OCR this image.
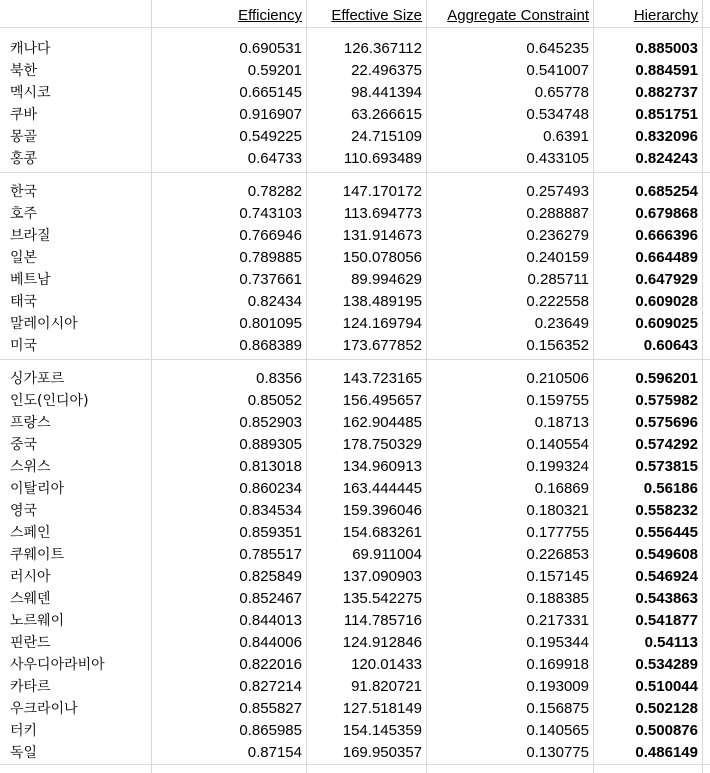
Efficiency	Effective Size	Aggregate Constraint	Hierarchy
캐나다	0.690531	126.367112	0.645235	0.885003
북한	0.59201	22.496375	0.541007	0.884591
멕시코	0.665145	98.441394	0.65778	0.882737
쿠바	0.916907	63.266615	0.534748	0.851751
몽골	0.549225	24.715109	0.6391	0.832096
홍콩	0.64733	110.693489	0.433105	0.824243
한국	0.78282	147.170172	0.257493	0.685254
호주	0.743103	113.694773	0.288887	0.679868
브라질	0.766946	131.914673	0.236279	0.666396
일본	0.789885	150.078056	0.240159	0.664489
베트남	0.737661	89.994629	0.285711	0.647929
태국	0.82434	138.489195	0.222558	0.609028
말레이시아	0.801095	124.169794	0.23649	0.609025
미국	0.868389	173.677852	0.156352	0.60643
싱가포르	0.8356	143.723165	0.210506	0.596201
인도(인디아)	0.85052	156.495657	0.159755	0.575982
프랑스	0.852903	162.904485	0.18713	0.575696
중국	0.889305	178.750329	0.140554	0.574292
스위스	0.813018	134.960913	0.199324	0.573815
이탈리아	0.860234	163.444445	0.16869	0.56186
영국	0.834534	159.396046	0.180321	0.558232
스페인	0.859351	154.683261	0.177755	0.556445
쿠웨이트	0.785517	69.911004	0.226853	0.549608
러시아	0.825849	137.090903	0.157145	0.546924
스웨덴	0.852467	135.542275	0.188385	0.543863
노르웨이	0.844013	114.785716	0.217331	0.541877
핀란드	0.844006	124.912846	0.195344	0.54113
사우디아라비아	0.822016	120.01433	0.169918	0.534289
카타르	0.827214	91.820721	0.193009	0.510044
우크라이나	0.855827	127.518149	0.156875	0.502128
터키	0.865985	154.145359	0.140565	0.500876
독일	0.87154	169.950357	0.130775	0.486149
